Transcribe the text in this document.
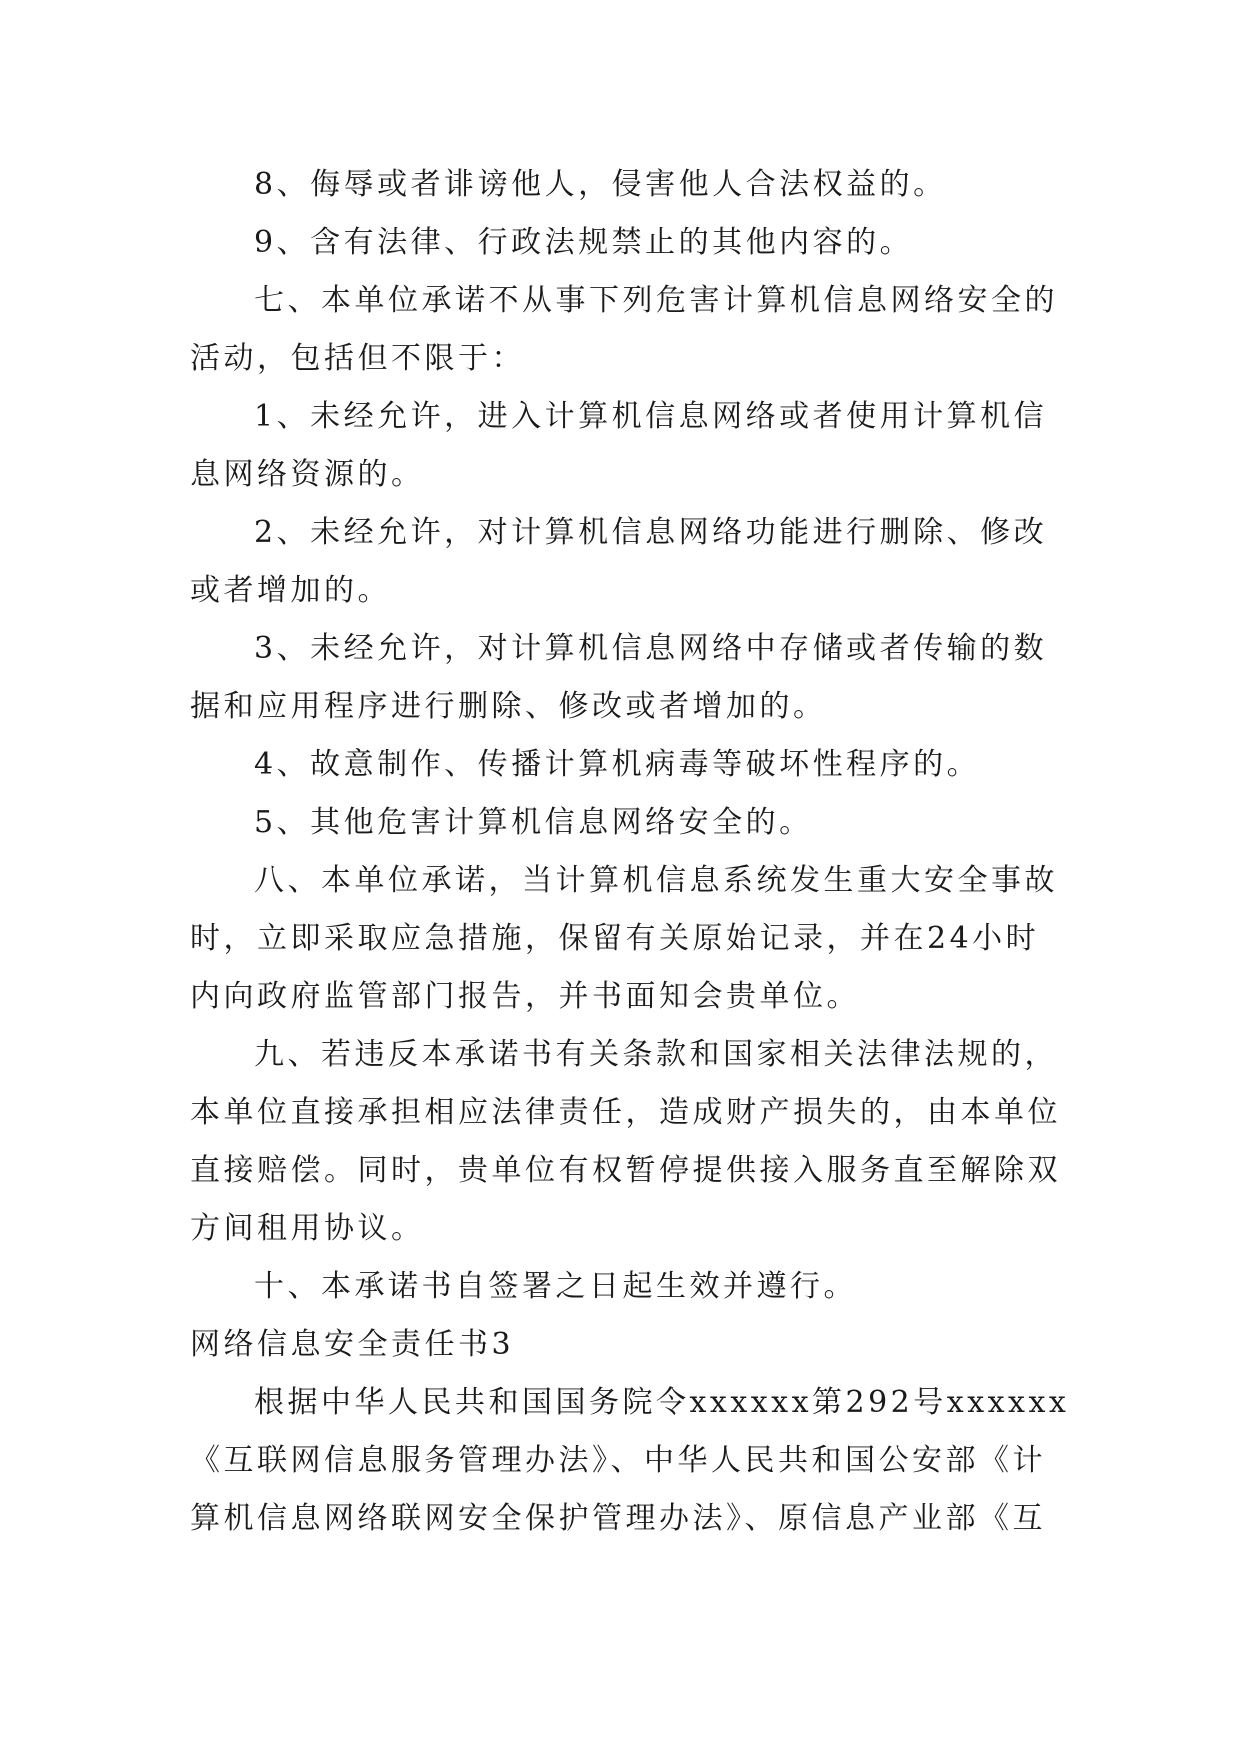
8、侮辱或者诽谤他人，侵害他人合法权益的。
9、含有法律、行政法规禁止的其他内容的。
七、本单位承诺不从事下列危害计算机信息网络安全的
活动，包括但不限于：
1、未经允许，进入计算机信息网络或者使用计算机信
息网络资源的。
2、未经允许，对计算机信息网络功能进行删除、修改
或者增加的。
3、未经允许，对计算机信息网络中存储或者传输的数
据和应用程序进行删除、修改或者增加的。
4、故意制作、传播计算机病毒等破坏性程序的。
5、其他危害计算机信息网络安全的。
八、本单位承诺，当计算机信息系统发生重大安全事故
时，立即采取应急措施，保留有关原始记录，并在24小时
内向政府监管部门报告，并书面知会贵单位。
九、若违反本承诺书有关条款和国家相关法律法规的，
本单位直接承担相应法律责任，造成财产损失的，由本单位
直接赔偿。同时，贵单位有权暂停提供接入服务直至解除双
方间租用协议。
十、本承诺书自签署之日起生效并遵行。
网络信息安全责任书3
根据中华人民共和国国务院令xxxxxx第292号xxxxxx
《互联网信息服务管理办法》、中华人民共和国公安部《计
算机信息网络联网安全保护管理办法》、原信息产业部《互
